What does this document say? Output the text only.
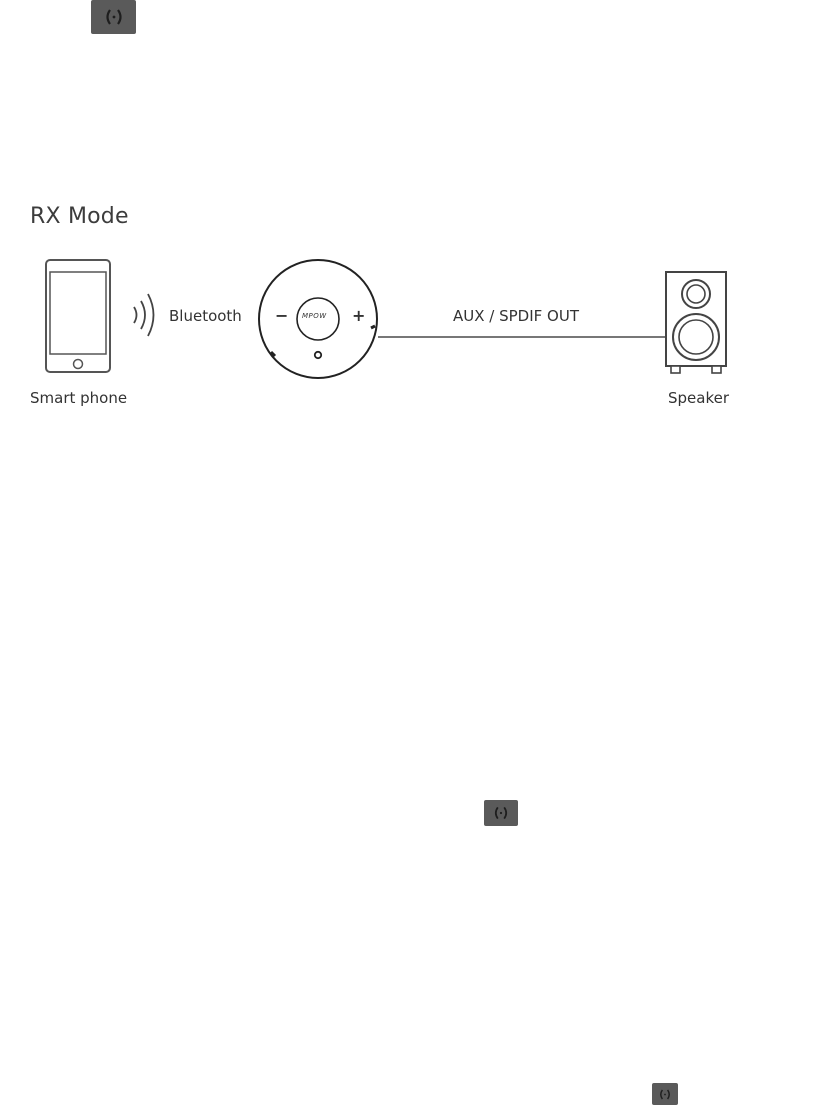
RX Mode
Bluetooth	MPOW
−	+	AUX / SPDIF OUT
Smart phone	Speaker
